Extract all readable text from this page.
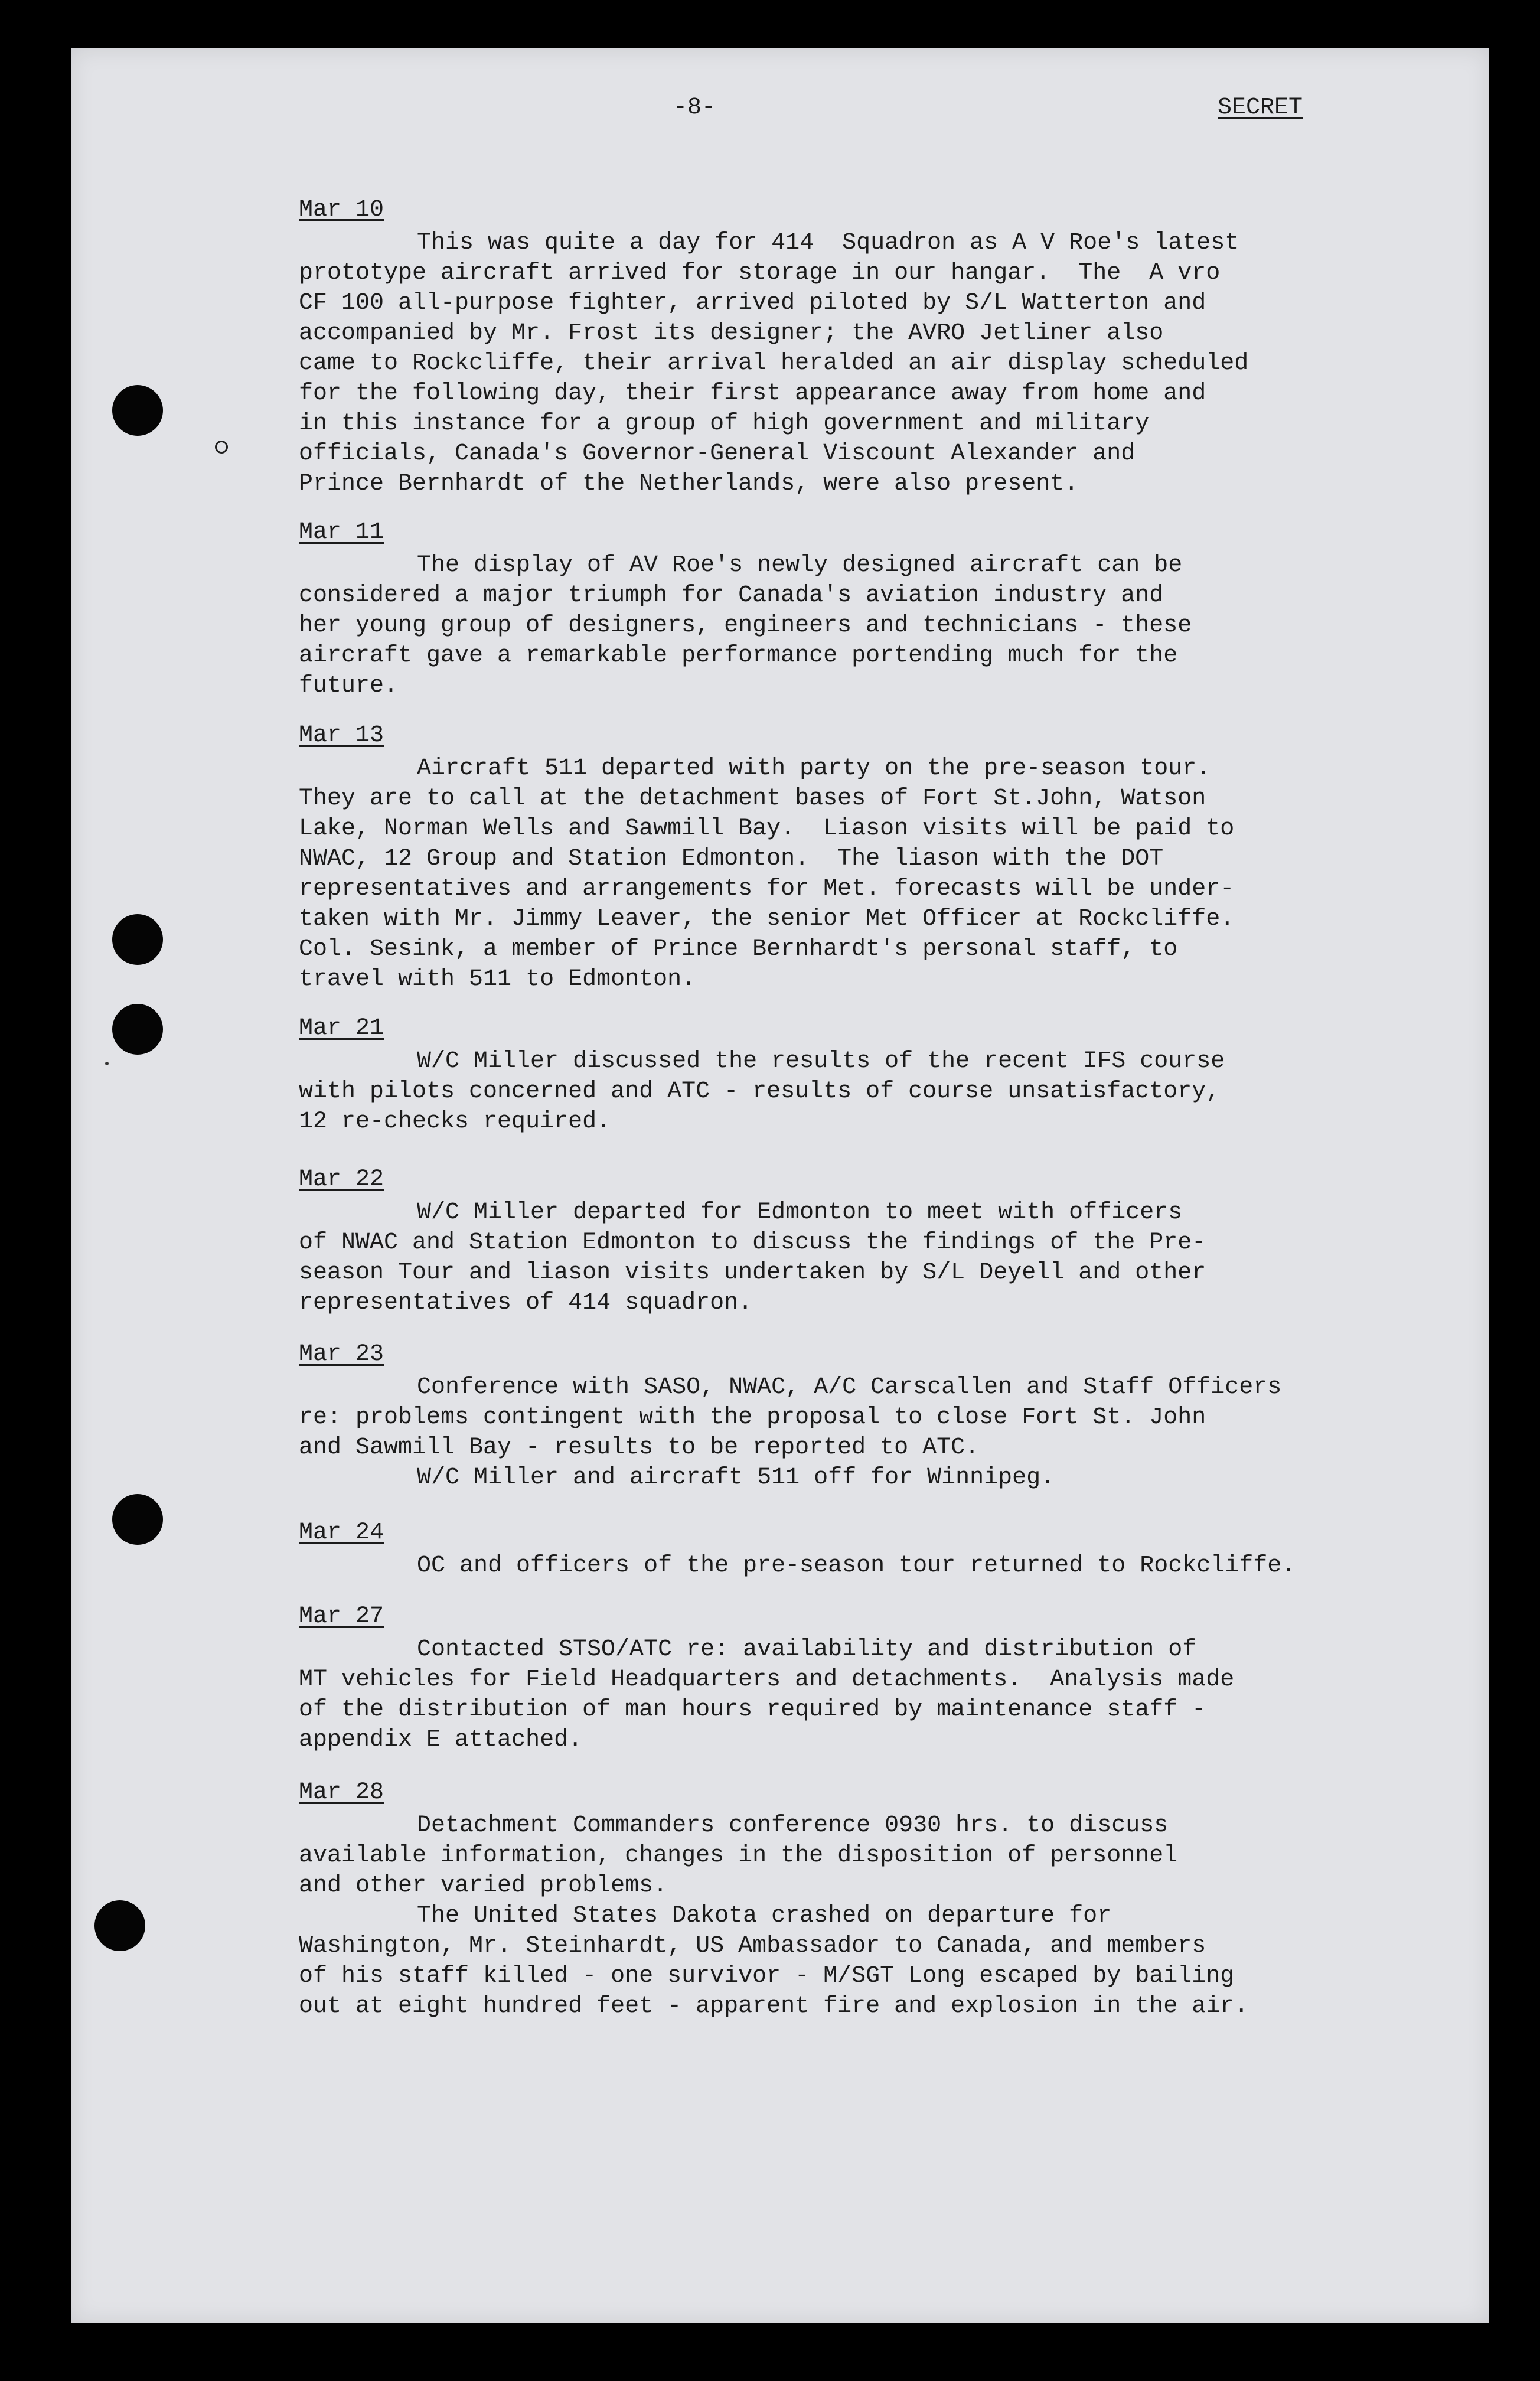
-8-	SECRET
Mar 10
This was quite a day for 414  Squadron as A V Roe's latest
prototype aircraft arrived for storage in our hangar.  The  A vro
CF 100 all-purpose fighter, arrived piloted by S/L Watterton and
accompanied by Mr. Frost its designer; the AVRO Jetliner also
came to Rockcliffe, their arrival heralded an air display scheduled
for the following day, their first appearance away from home and
in this instance for a group of high government and military
officials, Canada's Governor-General Viscount Alexander and
Prince Bernhardt of the Netherlands, were also present.
Mar 11
The display of AV Roe's newly designed aircraft can be
considered a major triumph for Canada's aviation industry and
her young group of designers, engineers and technicians - these
aircraft gave a remarkable performance portending much for the
future.
Mar 13
Aircraft 511 departed with party on the pre-season tour.
They are to call at the detachment bases of Fort St.John, Watson
Lake, Norman Wells and Sawmill Bay.  Liason visits will be paid to
NWAC, 12 Group and Station Edmonton.  The liason with the DOT
representatives and arrangements for Met. forecasts will be under-
taken with Mr. Jimmy Leaver, the senior Met Officer at Rockcliffe.
Col. Sesink, a member of Prince Bernhardt's personal staff, to
travel with 511 to Edmonton.
Mar 21
W/C Miller discussed the results of the recent IFS course
with pilots concerned and ATC - results of course unsatisfactory,
12 re-checks required.
Mar 22
W/C Miller departed for Edmonton to meet with officers
of NWAC and Station Edmonton to discuss the findings of the Pre-
season Tour and liason visits undertaken by S/L Deyell and other
representatives of 414 squadron.
Mar 23
Conference with SASO, NWAC, A/C Carscallen and Staff Officers
re: problems contingent with the proposal to close Fort St. John
and Sawmill Bay - results to be reported to ATC.
W/C Miller and aircraft 511 off for Winnipeg.
Mar 24
OC and officers of the pre-season tour returned to Rockcliffe.
Mar 27
Contacted STSO/ATC re: availability and distribution of
MT vehicles for Field Headquarters and detachments.  Analysis made
of the distribution of man hours required by maintenance staff -
appendix E attached.
Mar 28
Detachment Commanders conference 0930 hrs. to discuss
available information, changes in the disposition of personnel
and other varied problems.
The United States Dakota crashed on departure for
Washington, Mr. Steinhardt, US Ambassador to Canada, and members
of his staff killed - one survivor - M/SGT Long escaped by bailing
out at eight hundred feet - apparent fire and explosion in the air.
